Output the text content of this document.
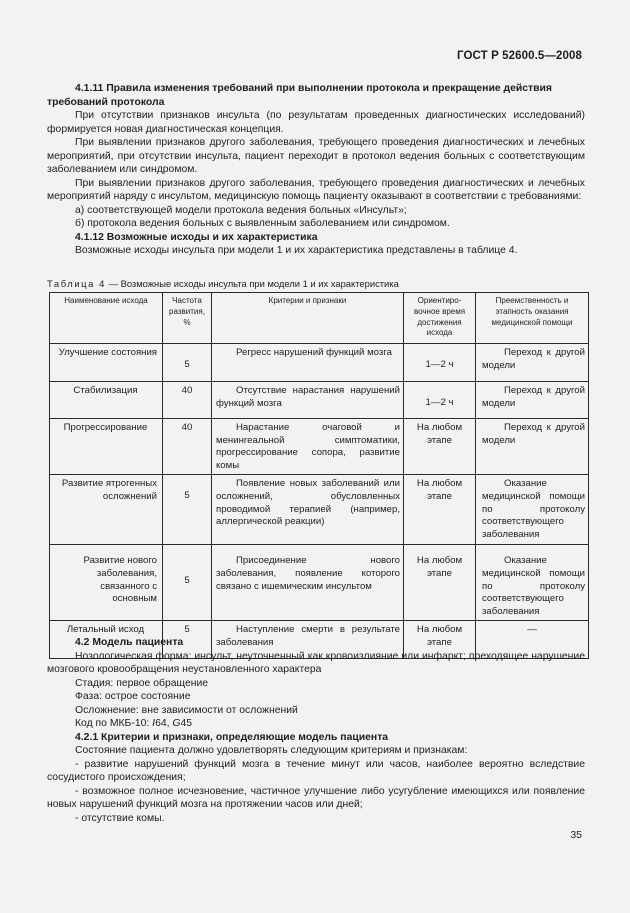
ГОСТ Р 52600.5—2008

4.1.11 Правила изменения требований при выполнении протокола и прекращение действия

требований протокола

При отсутствии признаков инсульта (по результатам проведенных диагностических исследований) формируется новая диагностическая концепция.

При выявлении признаков другого заболевания, требующего проведения диагностических и лечебных мероприятий, при отсутствии инсульта, пациент переходит в протокол ведения больных с соответствующим заболеванием или синдромом.

При выявлении признаков другого заболевания, требующего проведения диагностических и лечебных мероприятий наряду с инсультом, медицинскую помощь пациенту оказывают в соответствии с требованиями:

а) соответствующей модели протокола ведения больных «Инсульт»;

б) протокола ведения больных с выявленным заболеванием или синдромом.

4.1.12 Возможные исходы и их характеристика

Возможные исходы инсульта при модели 1 и их характеристика представлены в таблице 4.

Таблица 4 — Возможные исходы инсульта при модели 1 и их характеристика
Наименование исхода	Частота развития, %	Критерии и признаки	Ориентиро-вочное время достижения исхода	Преемственность и этапность оказания медицинской помощи
Улучшение состояния	5	Регресс нарушений функций мозга	1—2 ч	Переход к другой модели

Стабилизация	40	Отсутствие нарастания нарушений функций мозга	1—2 ч	Переход к другой модели

Прогрессирование	40	Нарастание очаговой и менингеальной симптоматики, прогрессирование сопора, развитие комы	На любом этапе	Переход к другой модели

Развитие ятрогенных осложнений	5	Появление новых заболеваний или осложнений, обусловленных проводимой терапией (например, аллергической реакции)	На любом этапе	Оказание медицинской помощи по протоколу соответствующего заболевания

Развитие нового заболевания, связанного с основным	5	Присоединение нового заболевания, появление которого связано с ишемическим инсультом	На любом этапе	Оказание медицинской помощи по протоколу соответствующего заболевания

Летальный исход	5	Наступление смерти в результате заболевания	На любом этапе	—

4.2 Модель пациента

Нозологическая форма: инсульт, неуточненный как кровоизлияние или инфаркт; преходящее нарушение мозгового кровообращения неустановленного характера

Стадия: первое обращение

Фаза: острое состояние

Осложнение: вне зависимости от осложнений

Код по МКБ-10: I64, G45

4.2.1 Критерии и признаки, определяющие модель пациента

Состояние пациента должно удовлетворять следующим критериям и признакам:

- развитие нарушений функций мозга в течение минут или часов, наиболее вероятно вследствие сосудистого происхождения;

- возможное полное исчезновение, частичное улучшение либо усугубление имеющихся или появление новых нарушений функций мозга на протяжении часов или дней;

- отсутствие комы.

35
